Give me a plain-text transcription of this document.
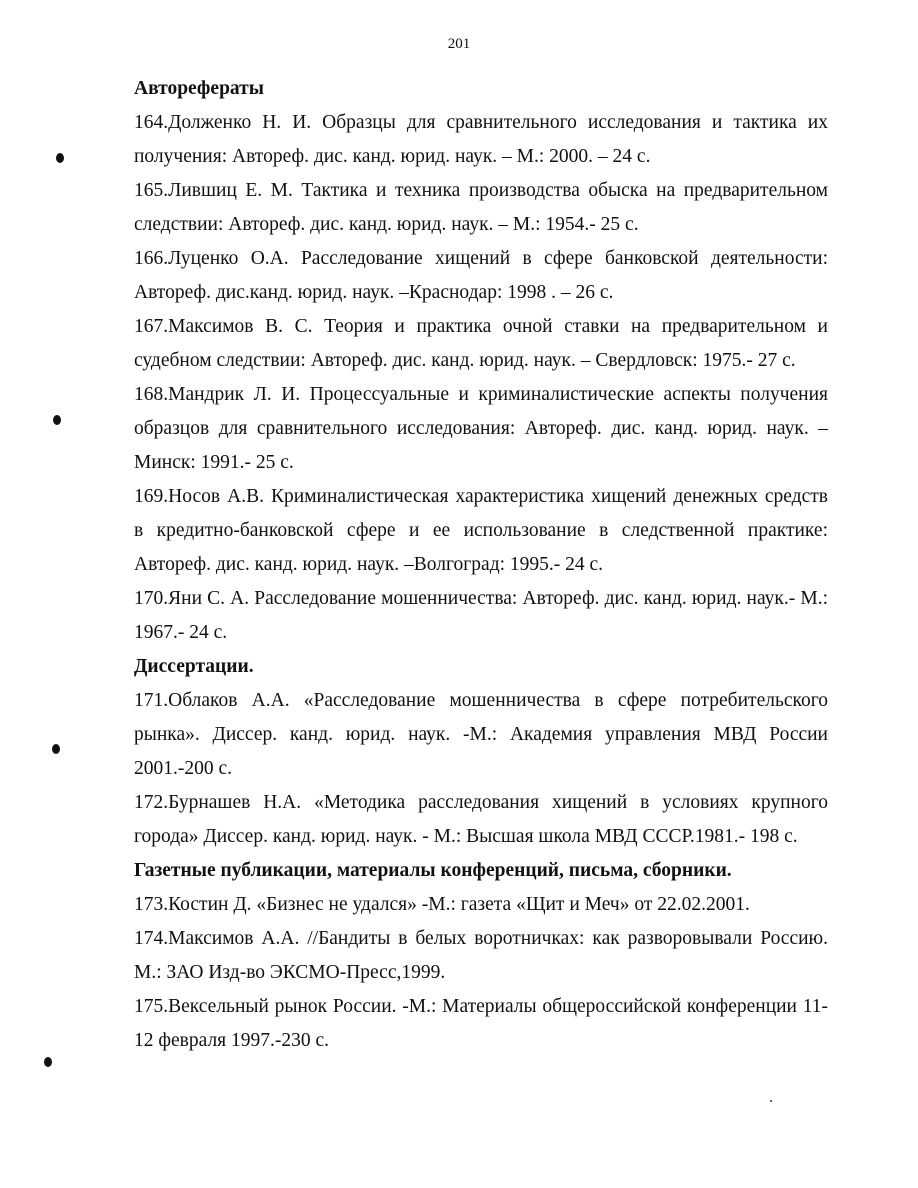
201

Авторефераты

164.Долженко Н. И. Образцы для сравнительного исследования и тактика их получения: Автореф. дис. канд. юрид. наук. – М.: 2000. – 24 с.

165.Лившиц Е. М. Тактика и техника производства обыска на предварительном следствии: Автореф. дис. канд. юрид. наук. – М.: 1954.- 25 с.

166.Луценко О.А. Расследование хищений в сфере банковской деятельности: Автореф. дис.канд. юрид. наук. –Краснодар: 1998 . – 26 с.

167.Максимов В. С. Теория и практика очной ставки на предварительном и судебном следствии: Автореф. дис. канд. юрид. наук. – Свердловск: 1975.- 27 с.

168.Мандрик Л. И. Процессуальные и криминалистические аспекты получения образцов для сравнительного исследования: Автореф. дис. канд. юрид. наук. – Минск: 1991.- 25 с.

169.Носов А.В. Криминалистическая характеристика хищений денежных средств в кредитно-банковской сфере и ее использование в следственной практике: Автореф. дис. канд. юрид. наук. –Волгоград: 1995.- 24 с.

170.Яни С. А. Расследование мошенничества: Автореф. дис. канд. юрид. наук.- М.: 1967.- 24 с.

Диссертации.

171.Облаков А.А. «Расследование мошенничества в сфере потребительского рынка». Диссер. канд. юрид. наук. -М.: Академия управления МВД России 2001.-200 с.

172.Бурнашев Н.А. «Методика расследования хищений в условиях крупного города» Диссер. канд. юрид. наук. - М.: Высшая школа МВД СССР.1981.- 198 с.

Газетные публикации, материалы конференций, письма, сборники.

173.Костин Д. «Бизнес не удался» -М.: газета «Щит и Меч» от 22.02.2001.

174.Максимов А.А. //Бандиты в белых воротничках: как разворовывали Россию. М.: ЗАО Изд-во ЭКСМО-Пресс,1999.

175.Вексельный рынок России. -М.: Материалы общероссийской конференции 11-12 февраля 1997.-230 с.
